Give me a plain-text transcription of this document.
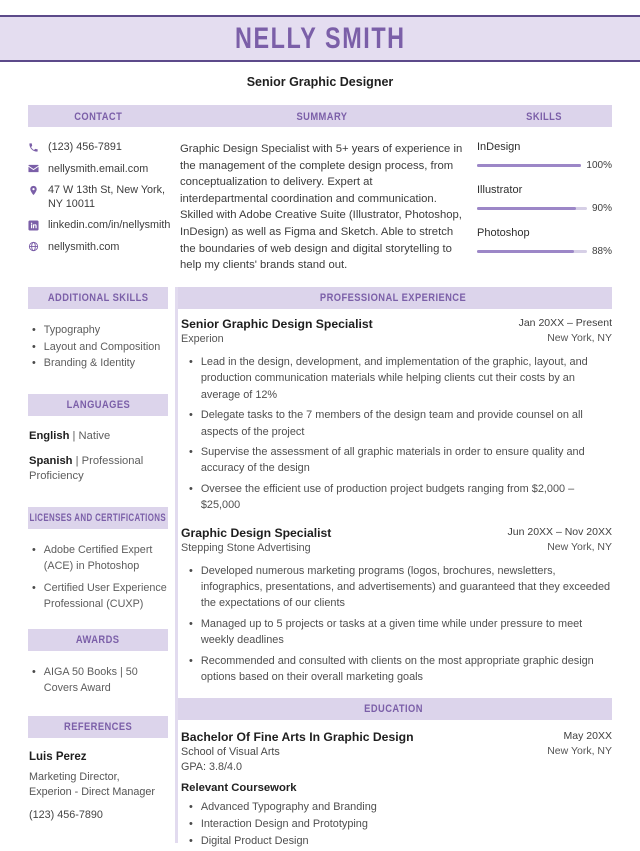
NELLY SMITH
Senior Graphic Designer
CONTACT	SUMMARY	SKILLS
(123) 456-7891
nellysmith.email.com
47 W 13th St, New York, NY 10011
linkedin.com/in/nellysmith
nellysmith.com
Graphic Design Specialist with 5+ years of experience in the management of the complete design process, from conceptualization to delivery. Expert at interdepartmental coordination and communication. Skilled with Adobe Creative Suite (Illustrator, Photoshop, InDesign) as well as Figma and Sketch. Able to stretch the boundaries of web design and digital storytelling to help my clients' brands stand out.
InDesign
100%
Illustrator
90%
Photoshop
88%
ADDITIONAL SKILLS
• Typography
• Layout and Composition
• Branding & Identity
LANGUAGES
English | Native
Spanish | Professional Proficiency
LICENSES AND CERTIFICATIONS
• Adobe Certified Expert (ACE) in Photoshop
• Certified User Experience Professional (CUXP)
AWARDS
• AIGA 50 Books | 50 Covers Award
REFERENCES
Luis Perez
Marketing Director,
Experion - Direct Manager
(123) 456-7890
PROFESSIONAL EXPERIENCE
Senior Graphic Design Specialist
Experion
Jan 20XX – Present
New York, NY
• Lead in the design, development, and implementation of the graphic, layout, and production communication materials while helping clients cut their costs by an average of 12%
• Delegate tasks to the 7 members of the design team and provide counsel on all aspects of the project
• Supervise the assessment of all graphic materials in order to ensure quality and accuracy of the design
• Oversee the efficient use of production project budgets ranging from $2,000 – $25,000
Graphic Design Specialist
Stepping Stone Advertising
Jun 20XX – Nov 20XX
New York, NY
• Developed numerous marketing programs (logos, brochures, newsletters, infographics, presentations, and advertisements) and guaranteed that they exceeded the expectations of our clients
• Managed up to 5 projects or tasks at a given time while under pressure to meet weekly deadlines
• Recommended and consulted with clients on the most appropriate graphic design options based on their overall marketing goals
EDUCATION
Bachelor Of Fine Arts In Graphic Design
School of Visual Arts
GPA: 3.8/4.0
May 20XX
New York, NY
Relevant Coursework
• Advanced Typography and Branding
• Interaction Design and Prototyping
• Digital Product Design
